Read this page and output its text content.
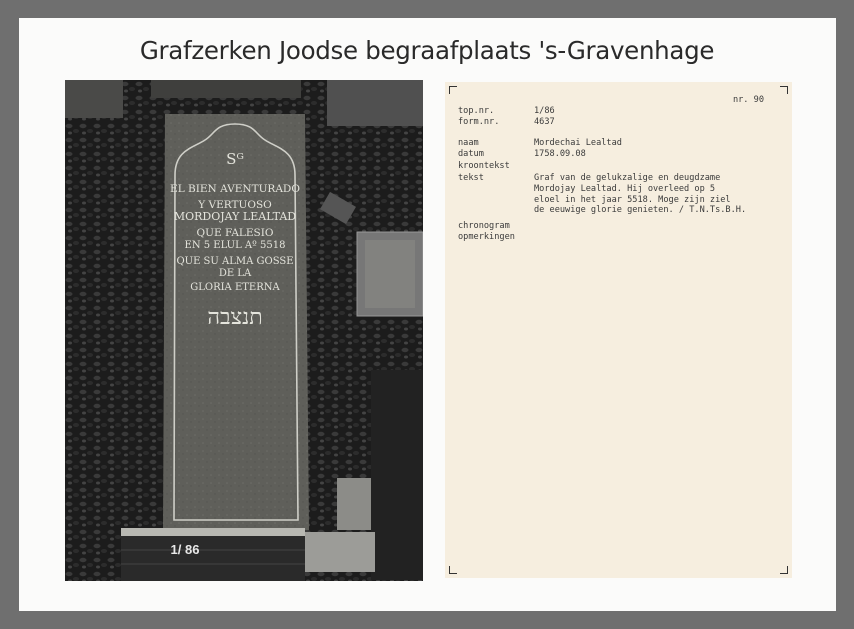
Grafzerken Joodse begraafplaats 's-Gravenhage
Sᴳ
EL BIEN AVENTURADO
Y VERTUOSO
MORDOJAY LEALTAD
QUE FALESIO
EN 5 ELUL Aº 5518
QUE SU ALMA GOSSE
DE LA
GLORIA ETERNA
תנצבה
1/ 86
nr. 90
top.nr.	1/86
form.nr.	4637
naam	Mordechai Lealtad
datum	1758.09.08
kroontekst
tekst	Graf van de gelukzalige en deugdzame
Mordojay Lealtad. Hij overleed op 5
eloel in het jaar 5518. Moge zijn ziel
de eeuwige glorie genieten. / T.N.Ts.B.H.
chronogram
opmerkingen
